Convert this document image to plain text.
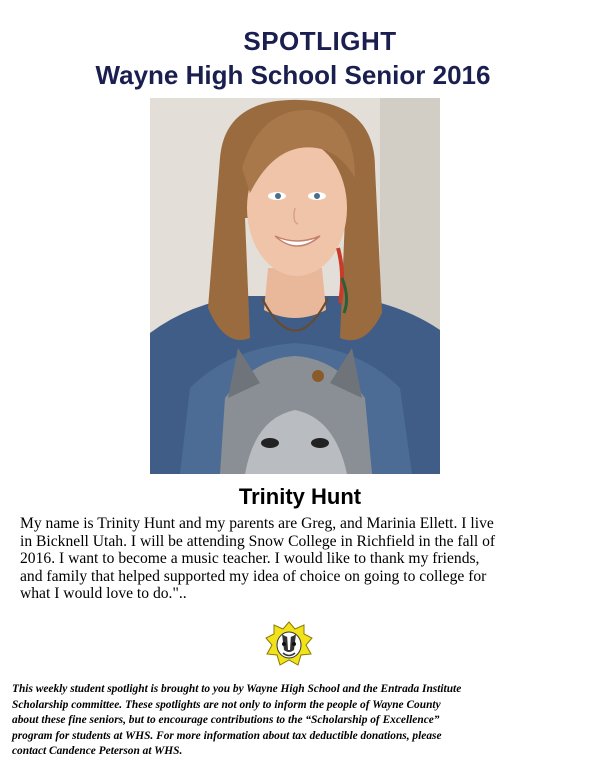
SPOTLIGHT
Wayne High School Senior 2016
Trinity Hunt
My name is Trinity Hunt and my parents are Greg, and Marinia Ellett. I live
in Bicknell Utah. I will be attending Snow College in Richfield in the fall of
2016. I want to become a music teacher. I would like to thank my friends,
and family that helped supported my idea of choice on going to college for
what I would love to do."..
This weekly student spotlight is brought to you by Wayne High School and the Entrada Institute
Scholarship committee. These spotlights are not only to inform the people of Wayne County
about these fine seniors, but to encourage contributions to the “Scholarship of Excellence”
program for students at WHS. For more information about tax deductible donations, please
contact Candence Peterson at WHS.
